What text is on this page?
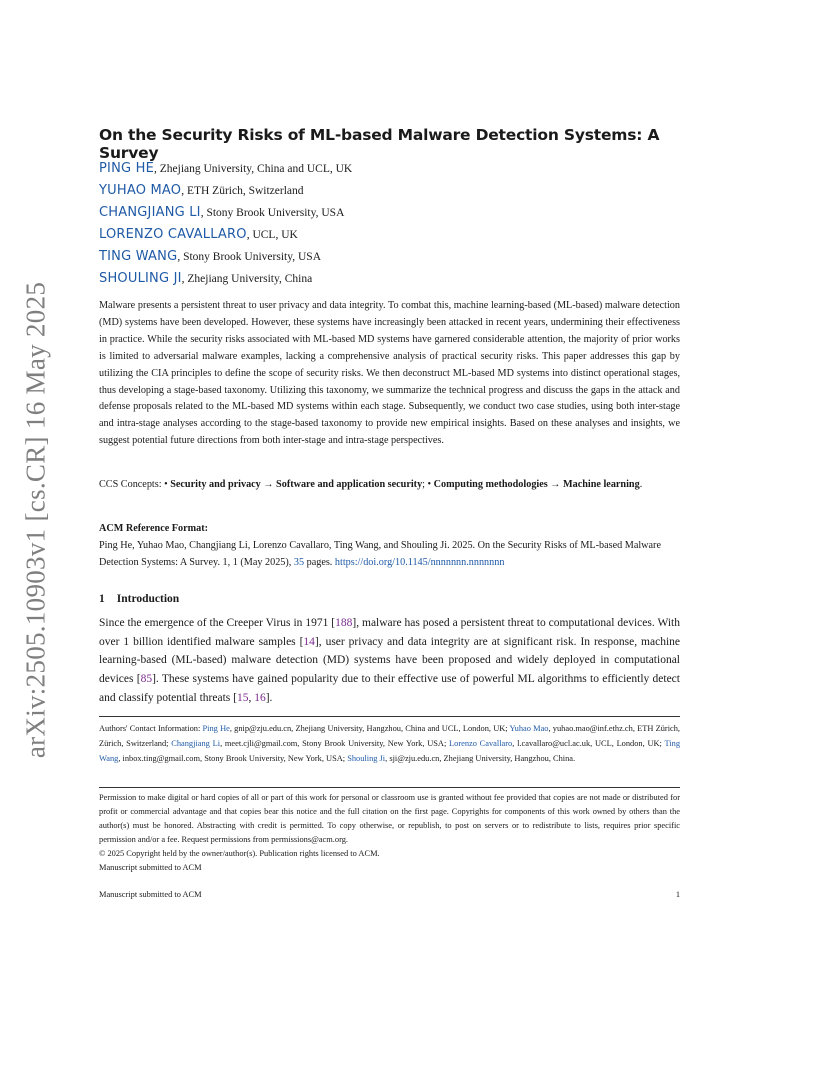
arXiv:2505.10903v1 [cs.CR] 16 May 2025
On the Security Risks of ML-based Malware Detection Systems: A Survey
PING HE, Zhejiang University, China and UCL, UK
YUHAO MAO, ETH Zürich, Switzerland
CHANGJIANG LI, Stony Brook University, USA
LORENZO CAVALLARO, UCL, UK
TING WANG, Stony Brook University, USA
SHOULING JI, Zhejiang University, China
Malware presents a persistent threat to user privacy and data integrity. To combat this, machine learning-based (ML-based) malware detection (MD) systems have been developed. However, these systems have increasingly been attacked in recent years, undermining their effectiveness in practice. While the security risks associated with ML-based MD systems have garnered considerable attention, the majority of prior works is limited to adversarial malware examples, lacking a comprehensive analysis of practical security risks. This paper addresses this gap by utilizing the CIA principles to define the scope of security risks. We then deconstruct ML-based MD systems into distinct operational stages, thus developing a stage-based taxonomy. Utilizing this taxonomy, we summarize the technical progress and discuss the gaps in the attack and defense proposals related to the ML-based MD systems within each stage. Subsequently, we conduct two case studies, using both inter-stage and intra-stage analyses according to the stage-based taxonomy to provide new empirical insights. Based on these analyses and insights, we suggest potential future directions from both inter-stage and intra-stage perspectives.
CCS Concepts: • Security and privacy → Software and application security; • Computing methodologies → Machine learning.
ACM Reference Format:
Ping He, Yuhao Mao, Changjiang Li, Lorenzo Cavallaro, Ting Wang, and Shouling Ji. 2025. On the Security Risks of ML-based Malware Detection Systems: A Survey. 1, 1 (May 2025), 35 pages. https://doi.org/10.1145/nnnnnnn.nnnnnnn
1 Introduction
Since the emergence of the Creeper Virus in 1971 [188], malware has posed a persistent threat to computational devices. With over 1 billion identified malware samples [14], user privacy and data integrity are at significant risk. In response, machine learning-based (ML-based) malware detection (MD) systems have been proposed and widely deployed in computational devices [85]. These systems have gained popularity due to their effective use of powerful ML algorithms to efficiently detect and classify potential threats [15, 16].
Authors' Contact Information: Ping He, gnip@zju.edu.cn, Zhejiang University, Hangzhou, China and UCL, London, UK; Yuhao Mao, yuhao.mao@inf.ethz.ch, ETH Zürich, Zürich, Switzerland; Changjiang Li, meet.cjli@gmail.com, Stony Brook University, New York, USA; Lorenzo Cavallaro, l.cavallaro@ucl.ac.uk, UCL, London, UK; Ting Wang, inbox.ting@gmail.com, Stony Brook University, New York, USA; Shouling Ji, sji@zju.edu.cn, Zhejiang University, Hangzhou, China.

Permission to make digital or hard copies of all or part of this work for personal or classroom use is granted without fee provided that copies are not made or distributed for profit or commercial advantage and that copies bear this notice and the full citation on the first page. Copyrights for components of this work owned by others than the author(s) must be honored. Abstracting with credit is permitted. To copy otherwise, or republish, to post on servers or to redistribute to lists, requires prior specific permission and/or a fee. Request permissions from permissions@acm.org.

© 2025 Copyright held by the owner/author(s). Publication rights licensed to ACM.

Manuscript submitted to ACM

Manuscript submitted to ACM	1
